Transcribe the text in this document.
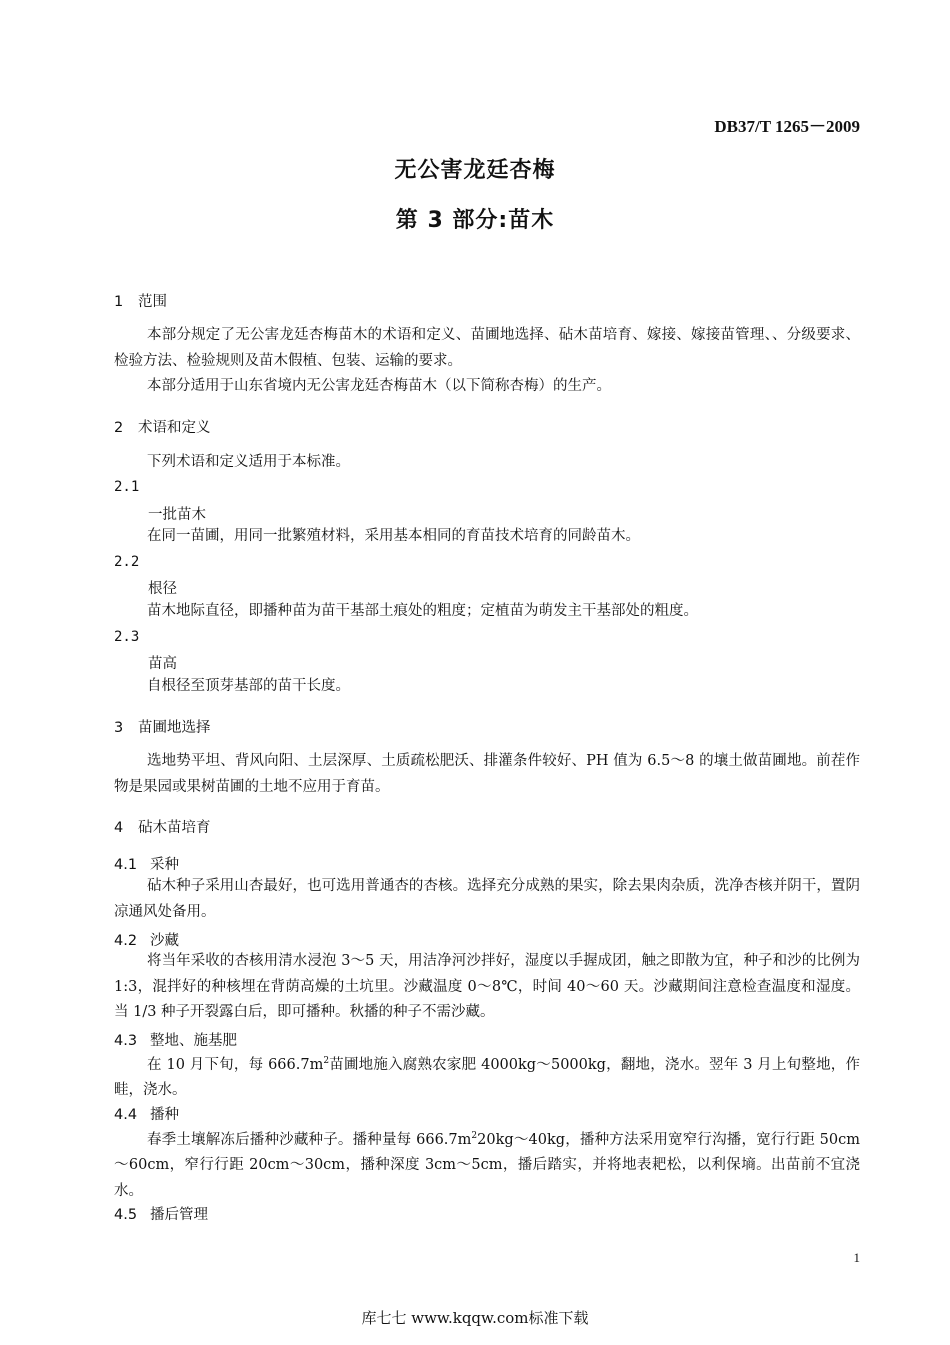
DB37/T 1265－2009
无公害龙廷杏梅
第 3 部分:苗木
1 范围
本部分规定了无公害龙廷杏梅苗木的术语和定义、苗圃地选择、砧木苗培育、嫁接、嫁接苗管理、、分级要求、检验方法、检验规则及苗木假植、包装、运输的要求。
本部分适用于山东省境内无公害龙廷杏梅苗木（以下简称杏梅）的生产。
2 术语和定义
下列术语和定义适用于本标准。
2.1
一批苗木
在同一苗圃，用同一批繁殖材料，采用基本相同的育苗技术培育的同龄苗木。
2.2
根径
苗木地际直径，即播种苗为苗干基部土痕处的粗度；定植苗为萌发主干基部处的粗度。
2.3
苗高
自根径至顶芽基部的苗干长度。
3 苗圃地选择
选地势平坦、背风向阳、土层深厚、土质疏松肥沃、排灌条件较好、PH 值为 6.5～8 的壤土做苗圃地。前茬作物是果园或果树苗圃的土地不应用于育苗。
4 砧木苗培育
4.1 采种
砧木种子采用山杏最好，也可选用普通杏的杏核。选择充分成熟的果实，除去果肉杂质，洗净杏核并阴干，置阴凉通风处备用。
4.2 沙藏
将当年采收的杏核用清水浸泡 3～5 天，用洁净河沙拌好，湿度以手握成团，触之即散为宜，种子和沙的比例为 1:3，混拌好的种核埋在背荫高燥的土坑里。沙藏温度 0～8℃，时间 40～60 天。沙藏期间注意检查温度和湿度。当 1/3 种子开裂露白后，即可播种。秋播的种子不需沙藏。
4.3 整地、施基肥
在 10 月下旬，每 $666.7m^2$苗圃地施入腐熟农家肥 4000kg～5000kg，翻地，浇水。翌年 3 月上旬整地，作畦，浇水。
4.4 播种
春季土壤解冻后播种沙藏种子。播种量每 $666.7m^220kg\sim 40kg$，播种方法采用宽窄行沟播，宽行行距 50cm～60cm，窄行行距 20cm～30cm，播种深度 3cm～5cm，播后踏实，并将地表耙松，以利保墒。出苗前不宜浇水。
4.5 播后管理
1
库七七 www.kqqw.com标准下载
